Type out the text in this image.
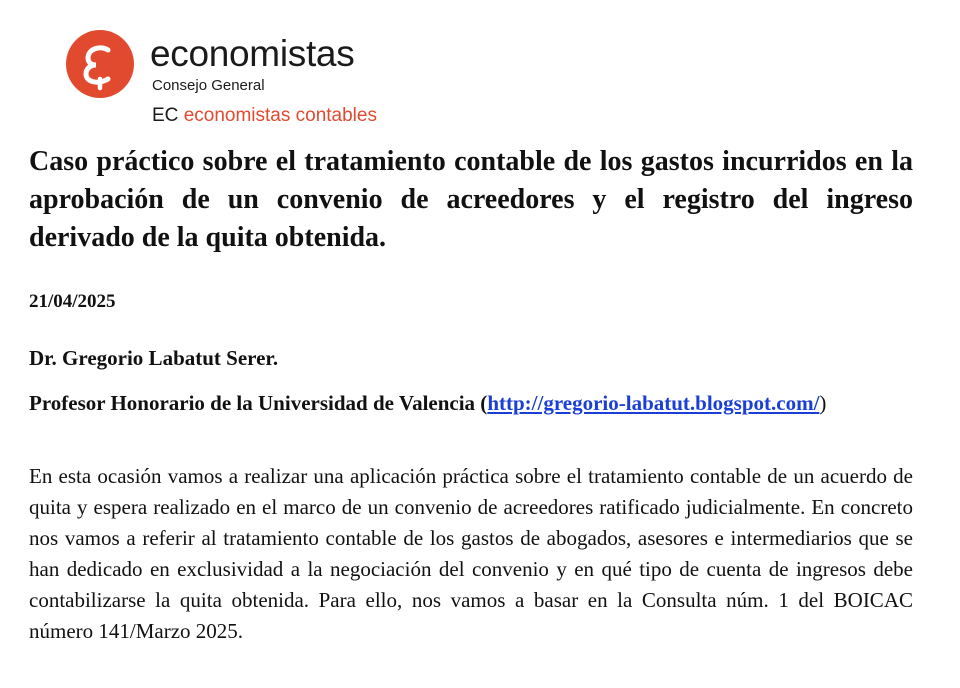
economistas
Consejo General
EC economistas contables
Caso práctico sobre el tratamiento contable de los gastos incurridos en la aprobación de un convenio de acreedores y el registro del ingreso derivado de la quita obtenida.

21/04/2025

Dr. Gregorio Labatut Serer.

Profesor Honorario de la Universidad de Valencia (http://gregorio-labatut.blogspot.com/)

En esta ocasión vamos a realizar una aplicación práctica sobre el tratamiento contable de un acuerdo de quita y espera realizado en el marco de un convenio de acreedores ratificado judicialmente. En concreto nos vamos a referir al tratamiento contable de los gastos de abogados, asesores e intermediarios que se han dedicado en exclusividad a la negociación del convenio y en qué tipo de cuenta de ingresos debe contabilizarse la quita obtenida. Para ello, nos vamos a basar en la Consulta núm. 1 del BOICAC número 141/Marzo 2025.
